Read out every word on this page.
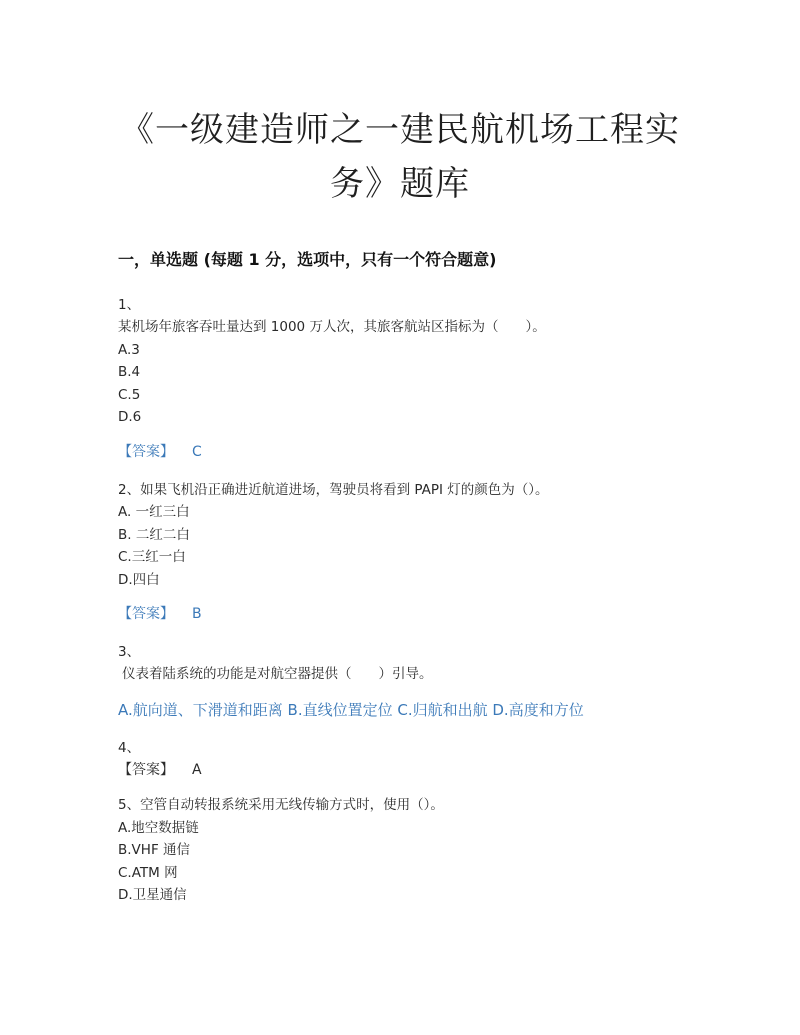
《一级建造师之一建民航机场工程实
务》题库
一，单选题 (每题 1 分，选项中，只有一个符合题意)
1、
某机场年旅客吞吐量达到 1000 万人次，其旅客航站区指标为（　　）。
A.3
B.4
C.5
D.6
【答案】 C
2、如果飞机沿正确进近航道进场，驾驶员将看到 PAPI 灯的颜色为（）。
A. 一红三白
B. 二红二白
C.三红一白
D.四白
【答案】 B
3、
仪表着陆系统的功能是对航空器提供（　　）引导。
A.航向道、下滑道和距离 B.直线位置定位 C.归航和出航 D.高度和方位
4、
【答案】 A
5、空管自动转报系统采用无线传输方式时，使用（）。
A.地空数据链
B.VHF 通信
C.ATM 网
D.卫星通信
